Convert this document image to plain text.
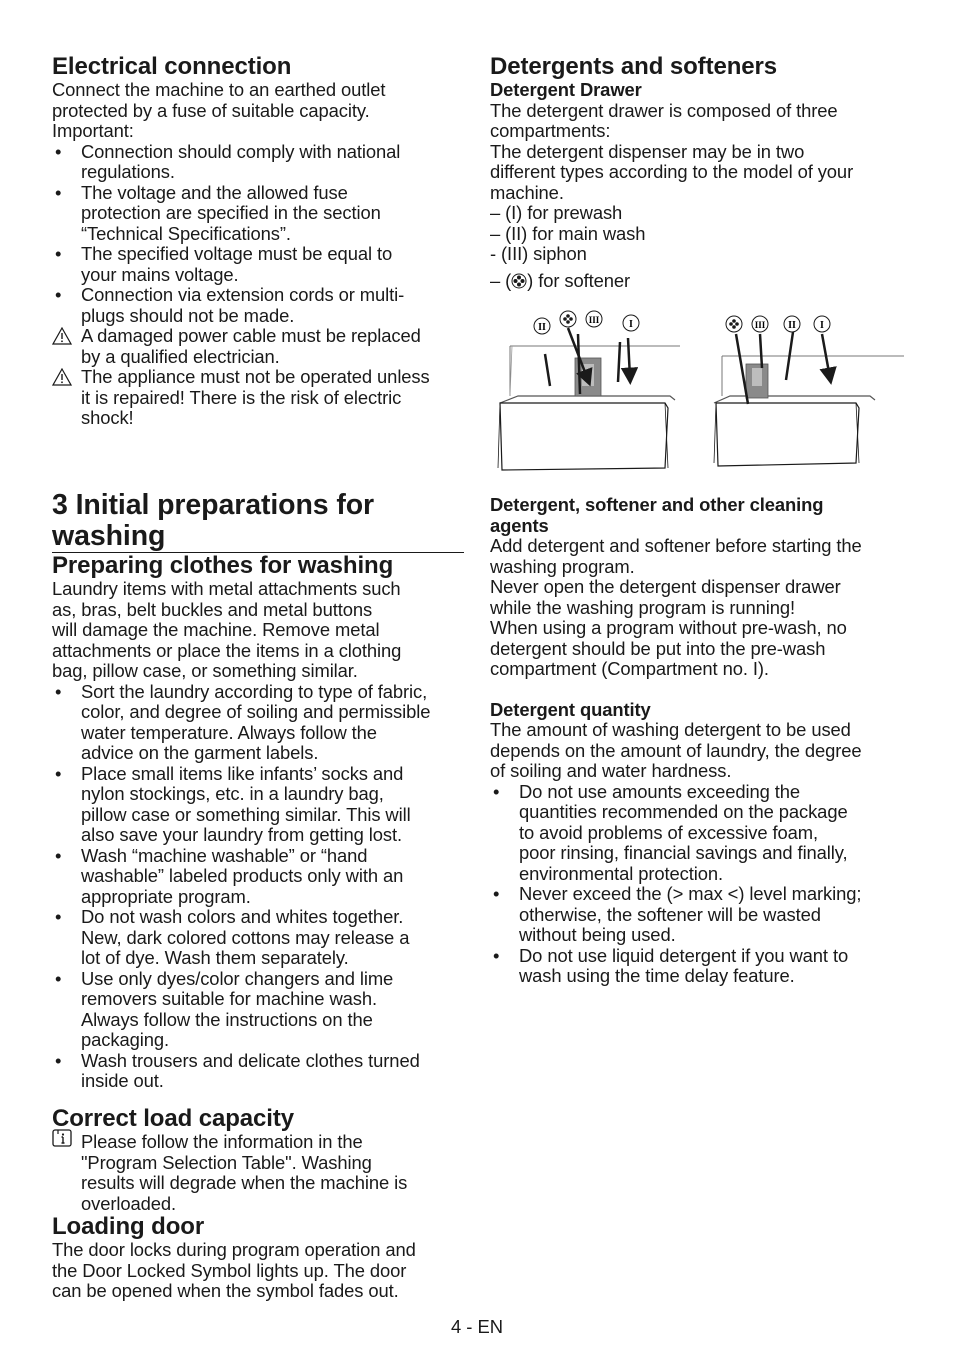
Electrical connection
Connect the machine to an earthed outlet
protected by a fuse of suitable capacity.
Important:
• Connection should comply with national
regulations.
• The voltage and the allowed fuse
protection are specified in the section
“Technical Specifications”.
• The specified voltage must be equal to
your mains voltage.
• Connection via extension cords or multi-
plugs should not be made.
A damaged power cable must be replaced
by a qualified electrician.
The appliance must not be operated unless
it is repaired! There is the risk of electric
shock!
3 Initial preparations for
washing
Preparing clothes for washing
Laundry items with metal attachments such
as, bras, belt buckles and metal buttons
will damage the machine. Remove metal
attachments or place the items in a clothing
bag, pillow case, or something similar.
• Sort the laundry according to type of fabric,
color, and degree of soiling and permissible
water temperature. Always follow the
advice on the garment labels.
• Place small items like infants’ socks and
nylon stockings, etc. in a laundry bag,
pillow case or something similar. This will
also save your laundry from getting lost.
• Wash “machine washable” or “hand
washable” labeled products only with an
appropriate program.
• Do not wash colors and whites together.
New, dark colored cottons may release a
lot of dye. Wash them separately.
• Use only dyes/color changers and lime
removers suitable for machine wash.
Always follow the instructions on the
packaging.
• Wash trousers and delicate clothes turned
inside out.
Correct load capacity
Please follow the information in the
"Program Selection Table". Washing
results will degrade when the machine is
overloaded.
Loading door
The door locks during program operation and
the Door Locked Symbol lights up. The door
can be opened when the symbol fades out.
Detergents and softeners
Detergent Drawer
The detergent drawer is composed of three
compartments:
The detergent dispenser may be in two
different types according to the model of your
machine.
– (I) for prewash
– (II) for main wash
- (III) siphon
– ( ) for softener
II
III	I	III II I
Detergent, softener and other cleaning
agents
Add detergent and softener before starting the
washing program.
Never open the detergent dispenser drawer
while the washing program is running!
When using a program without pre-wash, no
detergent should be put into the pre-wash
compartment (Compartment no. I).
Detergent quantity
The amount of washing detergent to be used
depends on the amount of laundry, the degree
of soiling and water hardness.
• Do not use amounts exceeding the
quantities recommended on the package
to avoid problems of excessive foam,
poor rinsing, financial savings and finally,
environmental protection.
• Never exceed the (> max <) level marking;
otherwise, the softener will be wasted
without being used.
• Do not use liquid detergent if you want to
wash using the time delay feature.
4 - EN
